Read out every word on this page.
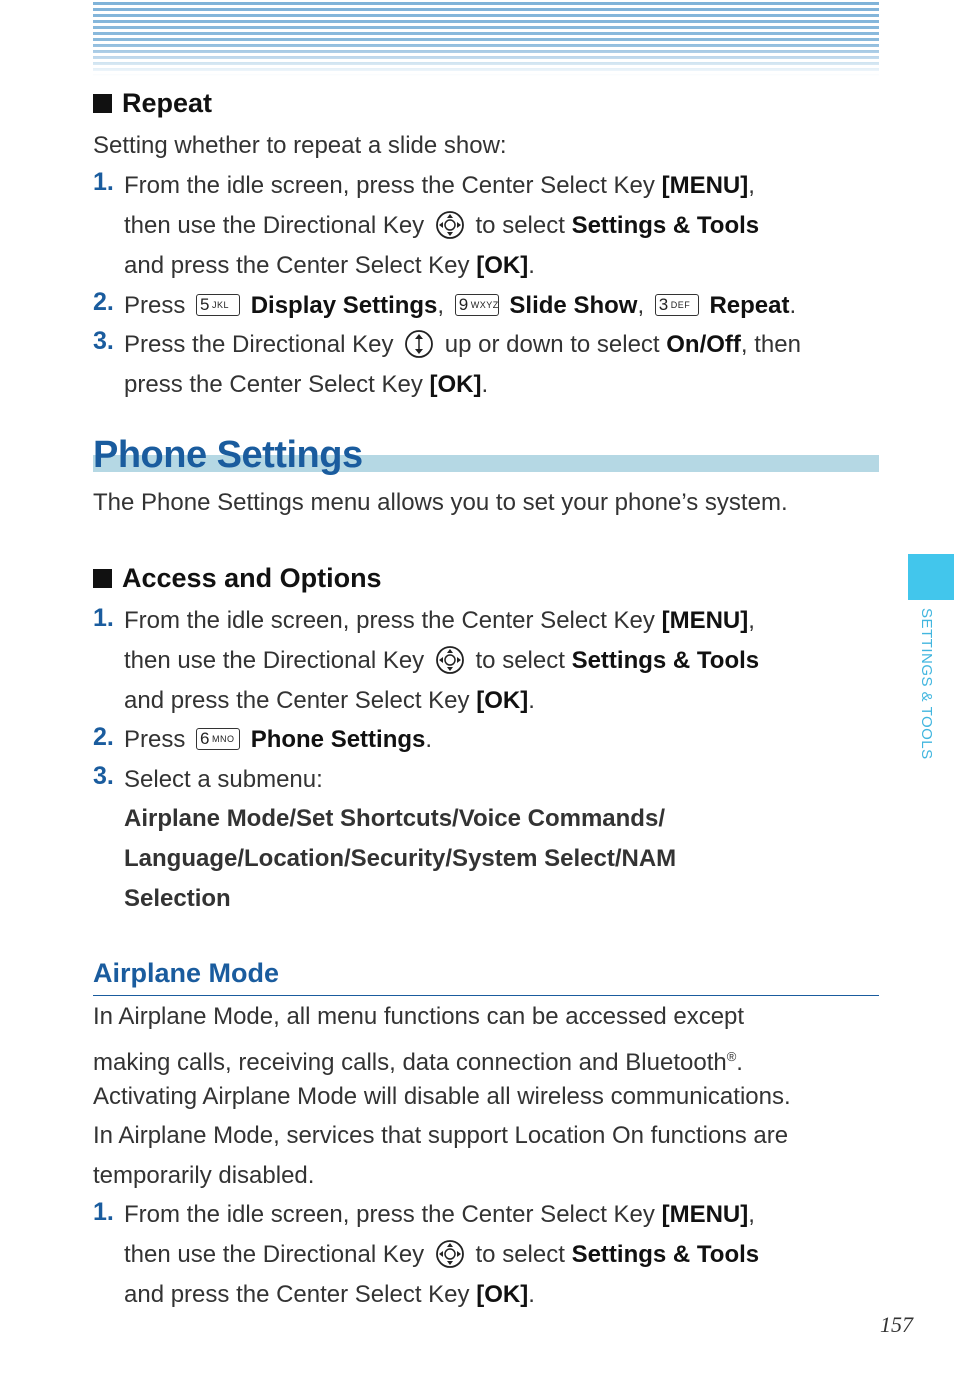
Repeat
Setting whether to repeat a slide show:
1. From the idle screen, press the Center Select Key [MENU],
then use the Directional Key  to select Settings & Tools
and press the Center Select Key [OK].
2. Press 5 JKL Display Settings, 9 WXYZ Slide Show, 3 DEF Repeat.
3. Press the Directional Key  up or down to select On/Off, then
press the Center Select Key [OK].
Phone Settings
The Phone Settings menu allows you to set your phone’s system.
Access and Options
1. From the idle screen, press the Center Select Key [MENU],
then use the Directional Key  to select Settings & Tools
and press the Center Select Key [OK].
2. Press 6 MNO Phone Settings.
3. Select a submenu:
Airplane Mode/Set Shortcuts/Voice Commands/
Language/Location/Security/System Select/NAM
Selection
Airplane Mode
In Airplane Mode, all menu functions can be accessed except
making calls, receiving calls, data connection and Bluetooth®.
Activating Airplane Mode will disable all wireless communications.
In Airplane Mode, services that support Location On functions are
temporarily disabled.
1. From the idle screen, press the Center Select Key [MENU],
then use the Directional Key  to select Settings & Tools
and press the Center Select Key [OK].
SETTINGS & TOOLS
157
